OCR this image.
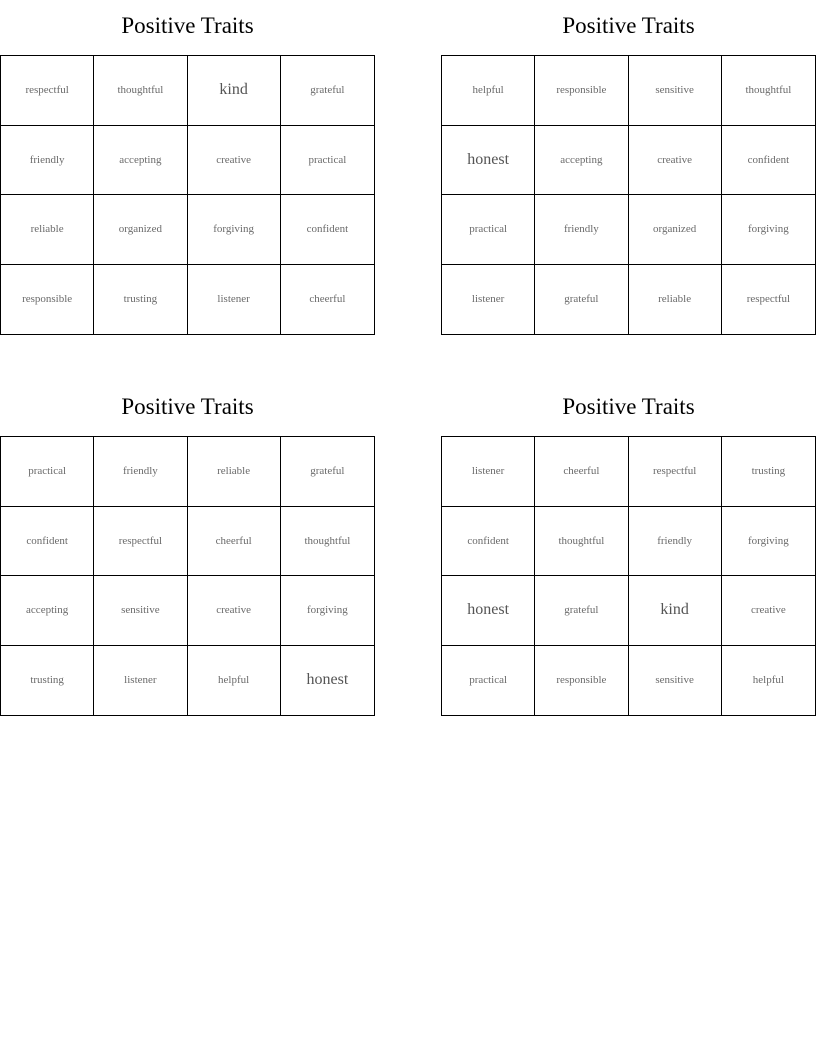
Positive Traits
respectful	thoughtful	kind	grateful
friendly	accepting	creative	practical
reliable	organized	forgiving	confident
responsible	trusting	listener	cheerful
Positive Traits
helpful	responsible	sensitive	thoughtful
honest	accepting	creative	confident
practical	friendly	organized	forgiving
listener	grateful	reliable	respectful
Positive Traits
practical	friendly	reliable	grateful
confident	respectful	cheerful	thoughtful
accepting	sensitive	creative	forgiving
trusting	listener	helpful	honest
Positive Traits
listener	cheerful	respectful	trusting
confident	thoughtful	friendly	forgiving
honest	grateful	kind	creative
practical	responsible	sensitive	helpful
